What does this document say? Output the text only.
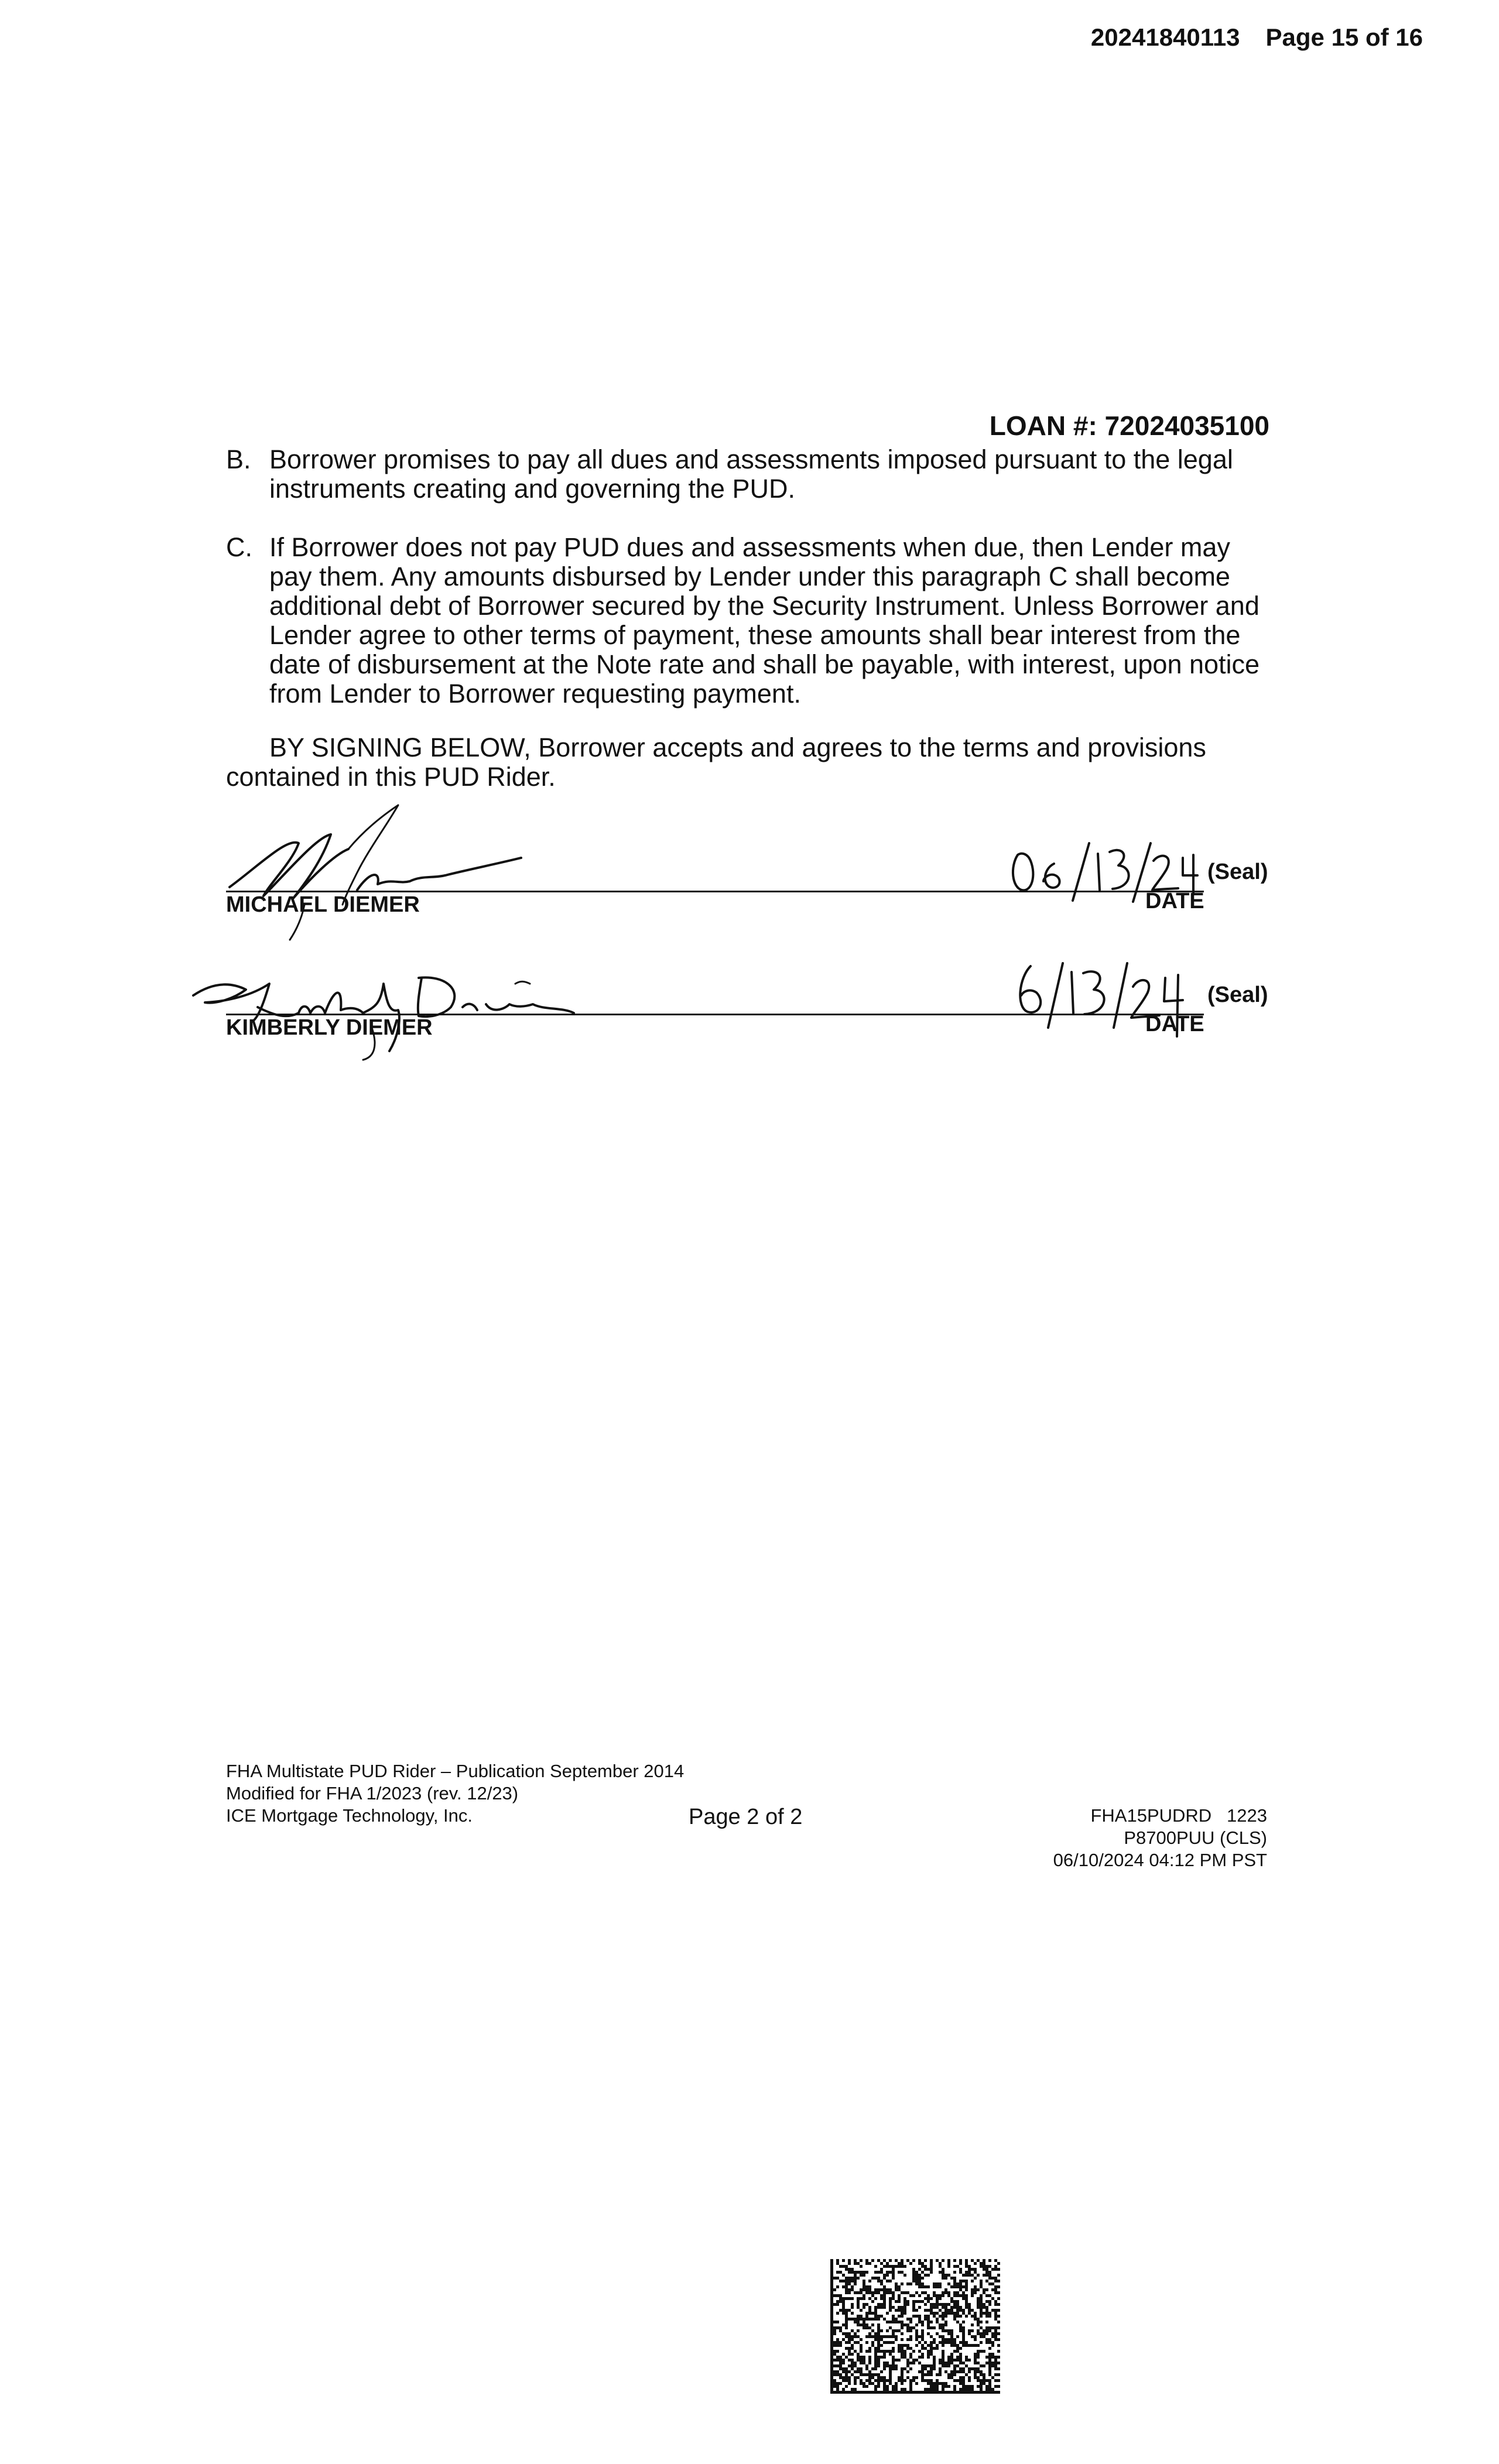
20241840113 Page 15 of 16
LOAN #: 72024035100
B. Borrower promises to pay all dues and assessments imposed pursuant to the legal instruments creating and governing the PUD.
C. If Borrower does not pay PUD dues and assessments when due, then Lender may pay them. Any amounts disbursed by Lender under this paragraph C shall become additional debt of Borrower secured by the Security Instrument. Unless Borrower and Lender agree to other terms of payment, these amounts shall bear interest from the date of disbursement at the Note rate and shall be payable, with interest, upon notice from Lender to Borrower requesting payment.
BY SIGNING BELOW, Borrower accepts and agrees to the terms and provisions contained in this PUD Rider.
MICHAEL DIEMER	DATE
(Seal)
KIMBERLY DIEMER	DATE
(Seal)
FHA Multistate PUD Rider – Publication September 2014
Modified for FHA 1/2023 (rev. 12/23)
ICE Mortgage Technology, Inc.	Page 2 of 2	FHA15PUDRD   1223
P8700PUU (CLS)
06/10/2024 04:12 PM PST
